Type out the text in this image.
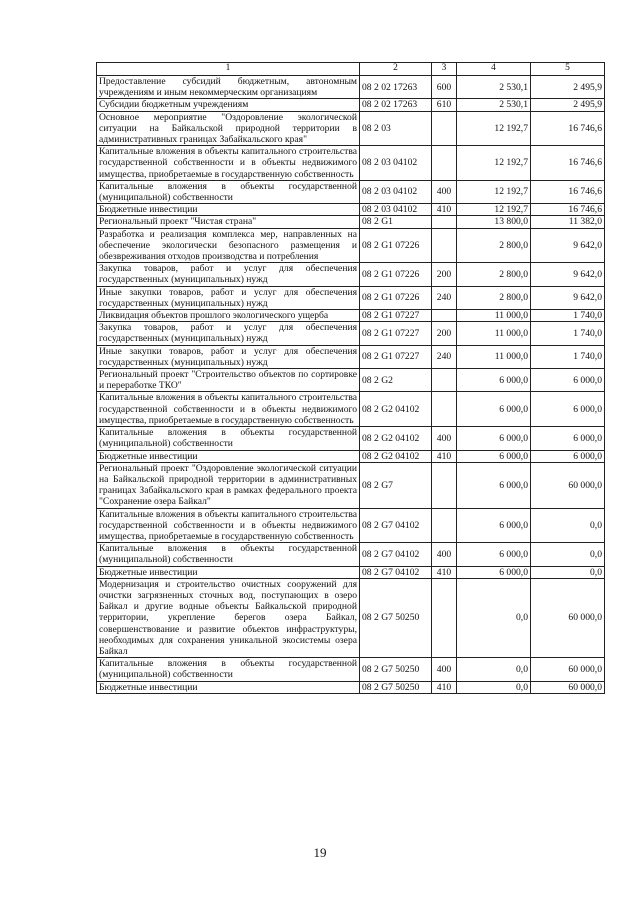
1	2	3	4	5
Предоставление субсидий бюджетным, автономным учреждениям и иным некоммерческим организациям	08 2 02 17263	600	2 530,1	2 495,9
Субсидии бюджетным учреждениям	08 2 02 17263	610	2 530,1	2 495,9
Основное мероприятие "Оздоровление экологической ситуации на Байкальской природной территории в административных границах Забайкальского края"	08 2 03		12 192,7	16 746,6
Капитальные вложения в объекты капитального строительства государственной собственности и в объекты недвижимого имущества, приобретаемые в государственную собственность	08 2 03 04102		12 192,7	16 746,6
Капитальные вложения в объекты государственной (муниципальной) собственности	08 2 03 04102	400	12 192,7	16 746,6
Бюджетные инвестиции	08 2 03 04102	410	12 192,7	16 746,6
Региональный проект "Чистая страна"	08 2 G1		13 800,0	11 382,0
Разработка и реализация комплекса мер, направленных на обеспечение экологически безопасного размещения и обезвреживания отходов производства и потребления	08 2 G1 07226		2 800,0	9 642,0
Закупка товаров, работ и услуг для обеспечения государственных (муниципальных) нужд	08 2 G1 07226	200	2 800,0	9 642,0
Иные закупки товаров, работ и услуг для обеспечения государственных (муниципальных) нужд	08 2 G1 07226	240	2 800,0	9 642,0
Ликвидация объектов прошлого экологического ущерба	08 2 G1 07227		11 000,0	1 740,0
Закупка товаров, работ и услуг для обеспечения государственных (муниципальных) нужд	08 2 G1 07227	200	11 000,0	1 740,0
Иные закупки товаров, работ и услуг для обеспечения государственных (муниципальных) нужд	08 2 G1 07227	240	11 000,0	1 740,0
Региональный проект "Строительство объектов по сортировке и переработке ТКО"	08 2 G2		6 000,0	6 000,0
Капитальные вложения в объекты капитального строительства государственной собственности и в объекты недвижимого имущества, приобретаемые в государственную собственность	08 2 G2 04102		6 000,0	6 000,0
Капитальные вложения в объекты государственной (муниципальной) собственности	08 2 G2 04102	400	6 000,0	6 000,0
Бюджетные инвестиции	08 2 G2 04102	410	6 000,0	6 000,0
Региональный проект "Оздоровление экологической ситуации на Байкальской природной территории в административных границах Забайкальского края в рамках федерального проекта "Сохранение озера Байкал"	08 2 G7		6 000,0	60 000,0
Капитальные вложения в объекты капитального строительства государственной собственности и в объекты недвижимого имущества, приобретаемые в государственную собственность	08 2 G7 04102		6 000,0	0,0
Капитальные вложения в объекты государственной (муниципальной) собственности	08 2 G7 04102	400	6 000,0	0,0
Бюджетные инвестиции	08 2 G7 04102	410	6 000,0	0,0
Модернизация и строительство очистных сооружений для очистки загрязненных сточных вод, поступающих в озеро Байкал и другие водные объекты Байкальской природной территории, укрепление берегов озера Байкал, совершенствование и развитие объектов инфраструктуры, необходимых для сохранения уникальной экосистемы озера Байкал	08 2 G7 50250		0,0	60 000,0
Капитальные вложения в объекты государственной (муниципальной) собственности	08 2 G7 50250	400	0,0	60 000,0
Бюджетные инвестиции	08 2 G7 50250	410	0,0	60 000,0
19
